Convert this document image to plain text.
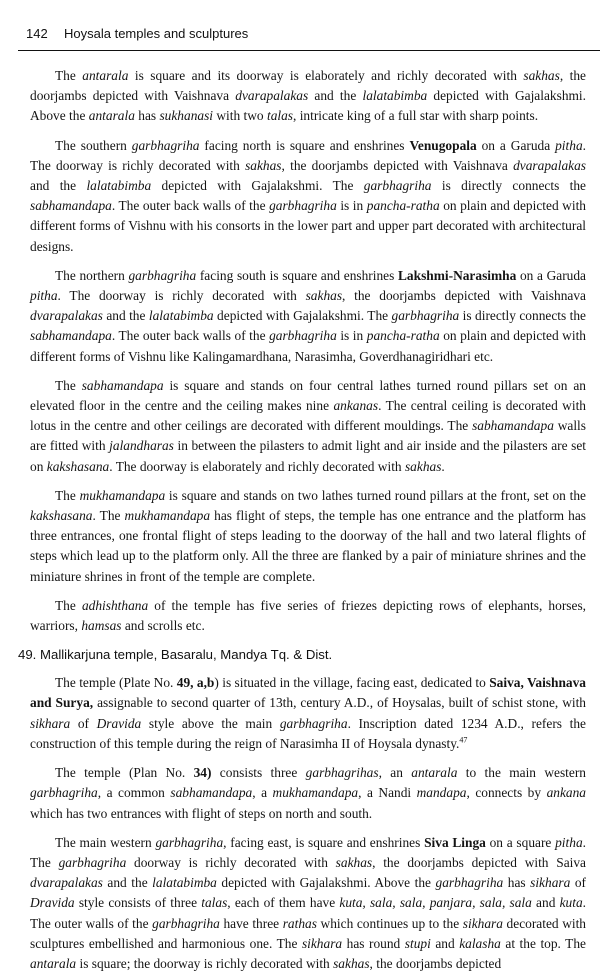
142 Hoysala temples and sculptures

The antarala is square and its doorway is elaborately and richly decorated with sakhas, the doorjambs depicted with Vaishnava dvarapalakas and the lalatabimba depicted with Gajalakshmi. Above the antarala has sukhanasi with two talas, intricate king of a full star with sharp points.

The southern garbhagriha facing north is square and enshrines Venugopala on a Garuda pitha. The doorway is richly decorated with sakhas, the doorjambs depicted with Vaishnava dvarapalakas and the lalatabimba depicted with Gajalakshmi. The garbhagriha is directly connects the sabhamandapa. The outer back walls of the garbhagriha is in pancha-ratha on plain and depicted with different forms of Vishnu with his consorts in the lower part and upper part decorated with architectural designs.

The northern garbhagriha facing south is square and enshrines Lakshmi-Narasimha on a Garuda pitha. The doorway is richly decorated with sakhas, the doorjambs depicted with Vaishnava dvarapalakas and the lalatabimba depicted with Gajalakshmi. The garbhagriha is directly connects the sabhamandapa. The outer back walls of the garbhagriha is in pancha-ratha on plain and depicted with different forms of Vishnu like Kalingamardhana, Narasimha, Goverdhanagiridhari etc.

The sabhamandapa is square and stands on four central lathes turned round pillars set on an elevated floor in the centre and the ceiling makes nine ankanas. The central ceiling is decorated with lotus in the centre and other ceilings are decorated with different mouldings. The sabhamandapa walls are fitted with jalandharas in between the pilasters to admit light and air inside and the pilasters are set on kakshasana. The doorway is elaborately and richly decorated with sakhas.

The mukhamandapa is square and stands on two lathes turned round pillars at the front, set on the kakshasana. The mukhamandapa has flight of steps, the temple has one entrance and the platform has three entrances, one frontal flight of steps leading to the doorway of the hall and two lateral flights of steps which lead up to the platform only. All the three are flanked by a pair of miniature shrines and the miniature shrines in front of the temple are complete.

The adhishthana of the temple has five series of friezes depicting rows of elephants, horses, warriors, hamsas and scrolls etc.

49. Mallikarjuna temple, Basaralu, Mandya Tq. & Dist.

The temple (Plate No. 49, a,b) is situated in the village, facing east, dedicated to Saiva, Vaishnava and Surya, assignable to second quarter of 13th, century A.D., of Hoysalas, built of schist stone, with sikhara of Dravida style above the main garbhagriha. Inscription dated 1234 A.D., refers the construction of this temple during the reign of Narasimha II of Hoysala dynasty.$^{47}$

The temple (Plan No. 34) consists three garbhagrihas, an antarala to the main western garbhagriha, a common sabhamandapa, a mukhamandapa, a Nandi mandapa, connects by ankana which has two entrances with flight of steps on north and south.

The main western garbhagriha, facing east, is square and enshrines Siva Linga on a square pitha. The garbhagriha doorway is richly decorated with sakhas, the doorjambs depicted with Saiva dvarapalakas and the lalatabimba depicted with Gajalakshmi. Above the garbhagriha has sikhara of Dravida style consists of three talas, each of them have kuta, sala, sala, panjara, sala, sala and kuta. The outer walls of the garbhagriha have three rathas which continues up to the sikhara decorated with sculptures embellished and harmonious one. The sikhara has round stupi and kalasha at the top. The antarala is square; the doorway is richly decorated with sakhas, the doorjambs depicted
